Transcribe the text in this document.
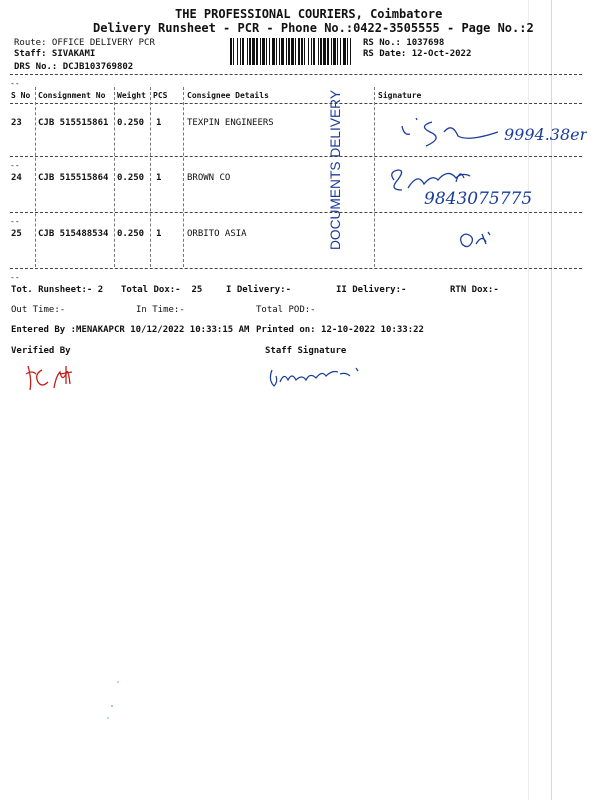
THE PROFESSIONAL COURIERS, Coimbatore
Delivery Runsheet - PCR - Phone No.:0422-3505555 - Page No.:2
Route: OFFICE DELIVERY PCR
Staff: SIVAKAMI
DRS No.: DCJB103769802
RS No.: 1037698
RS Date: 12-Oct-2022
--
S No Consignment No Weight PCS Consignee Details	Signature
23 CJB 515515861 0.250 1	TEXPIN ENGINEERS
--
24 CJB 515515864 0.250 1	BROWN CO
--
25 CJB 515488534 0.250 1	ORBITO ASIA
--
DOCUMENTS DELIVERY	9994.38er
9843075775
Tot. Runsheet:- 2 Total Dox:-  25	I Delivery:-	II Delivery:-	RTN Dox:-
Out Time:-	In Time:-	Total POD:-
Entered By :MENAKAPCR 10/12/2022 10:33:15 AM Printed on: 12-10-2022 10:33:22
Verified By	Staff Signature
